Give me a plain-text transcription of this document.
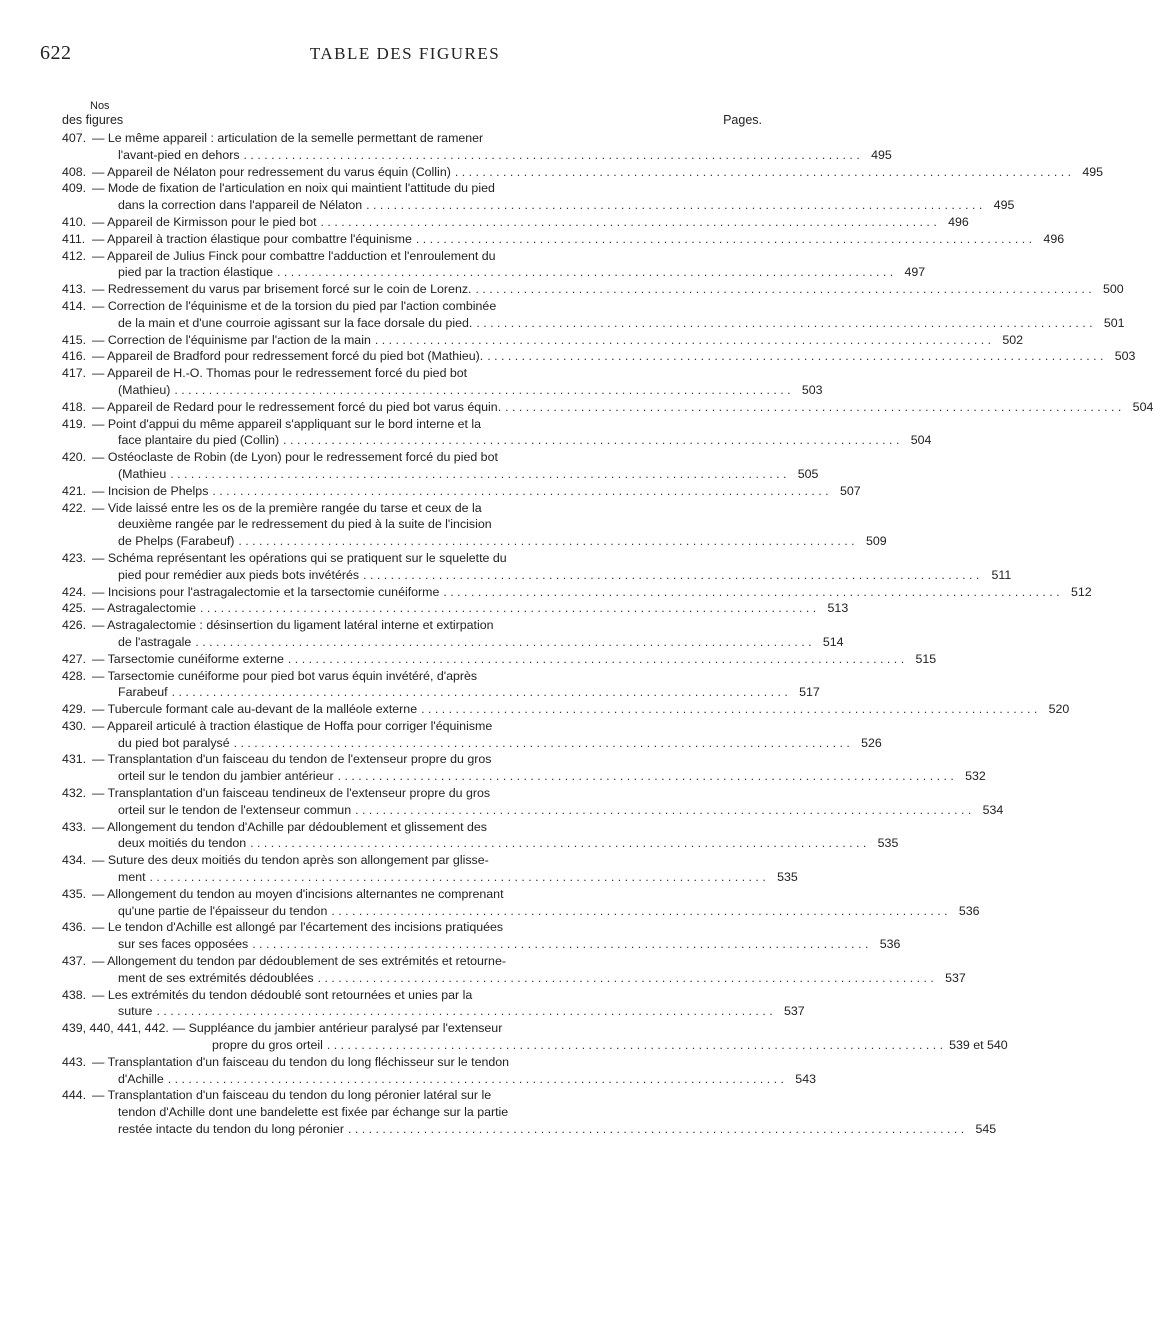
622	TABLE DES FIGURES
Nos
des figures	Pages.
407. — Le même appareil : articulation de la semelle permettant de ramener
l'avant-pied en dehors . . .	495
408. — Appareil de Nélaton pour redressement du varus équin (Collin) . . .	495
409. — Mode de fixation de l'articulation en noix qui maintient l'attitude du pied
dans la correction dans l'appareil de Nélaton . . .	495
410. — Appareil de Kirmisson pour le pied bot . . .	496
411. — Appareil à traction élastique pour combattre l'équinisme . . .	496
412. — Appareil de Julius Finck pour combattre l'adduction et l'enroulement du
pied par la traction élastique . . .	497
413. — Redressement du varus par brisement forcé sur le coin de Lorenz. . . .	500
414. — Correction de l'équinisme et de la torsion du pied par l'action combinée
de la main et d'une courroie agissant sur la face dorsale du pied. . . .	501
415. — Correction de l'équinisme par l'action de la main . . .	502
416. — Appareil de Bradford pour redressement forcé du pied bot (Mathieu). . . .	503
417. — Appareil de H.-O. Thomas pour le redressement forcé du pied bot
(Mathieu) . . .	503
418. — Appareil de Redard pour le redressement forcé du pied bot varus équin. . . .	504
419. — Point d'appui du même appareil s'appliquant sur le bord interne et la
face plantaire du pied (Collin) . . .	504
420. — Ostéoclaste de Robin (de Lyon) pour le redressement forcé du pied bot
(Mathieu . . .	505
421. — Incision de Phelps . . .	507
422. — Vide laissé entre les os de la première rangée du tarse et ceux de la
deuxième rangée par le redressement du pied à la suite de l'incision
de Phelps (Farabeuf) . . .	509
423. — Schéma représentant les opérations qui se pratiquent sur le squelette du
pied pour remédier aux pieds bots invétérés . . .	511
424. — Incisions pour l'astragalectomie et la tarsectomie cunéiforme . . .	512
425. — Astragalectomie . . .	513
426. — Astragalectomie : désinsertion du ligament latéral interne et extirpation
de l'astragale . . .	514
427. — Tarsectomie cunéiforme externe . . .	515
428. — Tarsectomie cunéiforme pour pied bot varus équin invétéré, d'après
Farabeuf . . .	517
429. — Tubercule formant cale au-devant de la malléole externe . . .	520
430. — Appareil articulé à traction élastique de Hoffa pour corriger l'équinisme
du pied bot paralysé . . .	526
431. — Transplantation d'un faisceau du tendon de l'extenseur propre du gros
orteil sur le tendon du jambier antérieur . . .	532
432. — Transplantation d'un faisceau tendineux de l'extenseur propre du gros
orteil sur le tendon de l'extenseur commun . . .	534
433. — Allongement du tendon d'Achille par dédoublement et glissement des
deux moitiés du tendon . . .	535
434. — Suture des deux moitiés du tendon après son allongement par glisse-
ment . . .	535
435. — Allongement du tendon au moyen d'incisions alternantes ne comprenant
qu'une partie de l'épaisseur du tendon . . .	536
436. — Le tendon d'Achille est allongé par l'écartement des incisions pratiquées
sur ses faces opposées . . .	536
437. — Allongement du tendon par dédoublement de ses extrémités et retourne-
ment de ses extrémités dédoublées . . .	537
438. — Les extrémités du tendon dédoublé sont retournées et unies par la
suture . . .	537
439, 440, 441, 442. — Suppléance du jambier antérieur paralysé par l'extenseur
propre du gros orteil . . .	539 et 540
443. — Transplantation d'un faisceau du tendon du long fléchisseur sur le tendon
d'Achille . . .	543
444. — Transplantation d'un faisceau du tendon du long péronier latéral sur le
tendon d'Achille dont une bandelette est fixée par échange sur la partie
restée intacte du tendon du long péronier . . .	545
